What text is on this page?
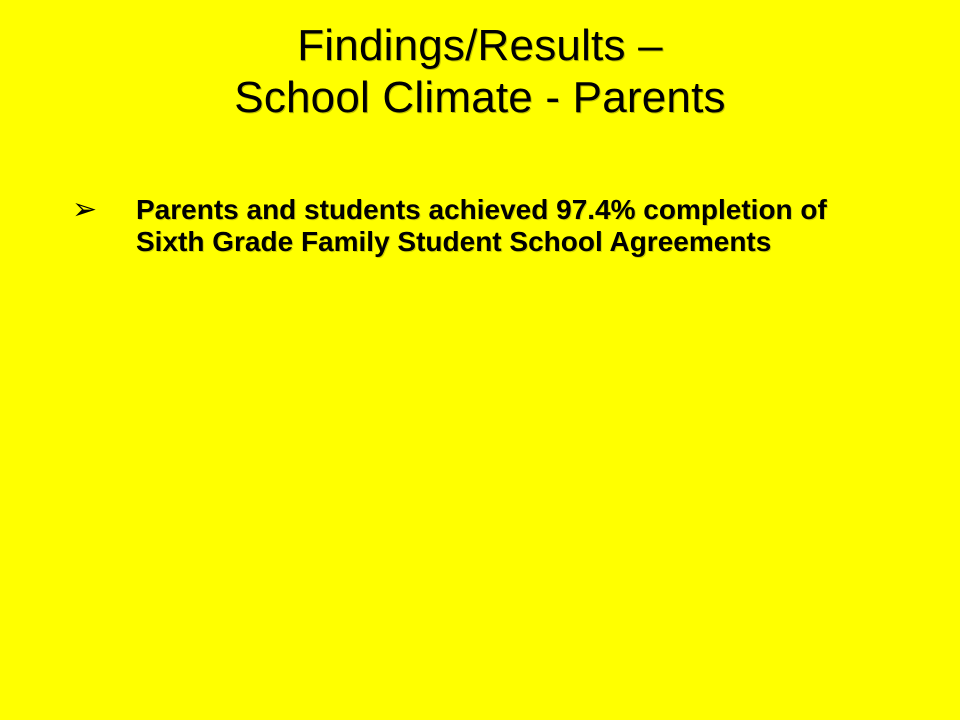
Findings/Results –
School Climate - Parents
➢	Parents and students achieved 97.4% completion of Sixth Grade Family Student School Agreements
